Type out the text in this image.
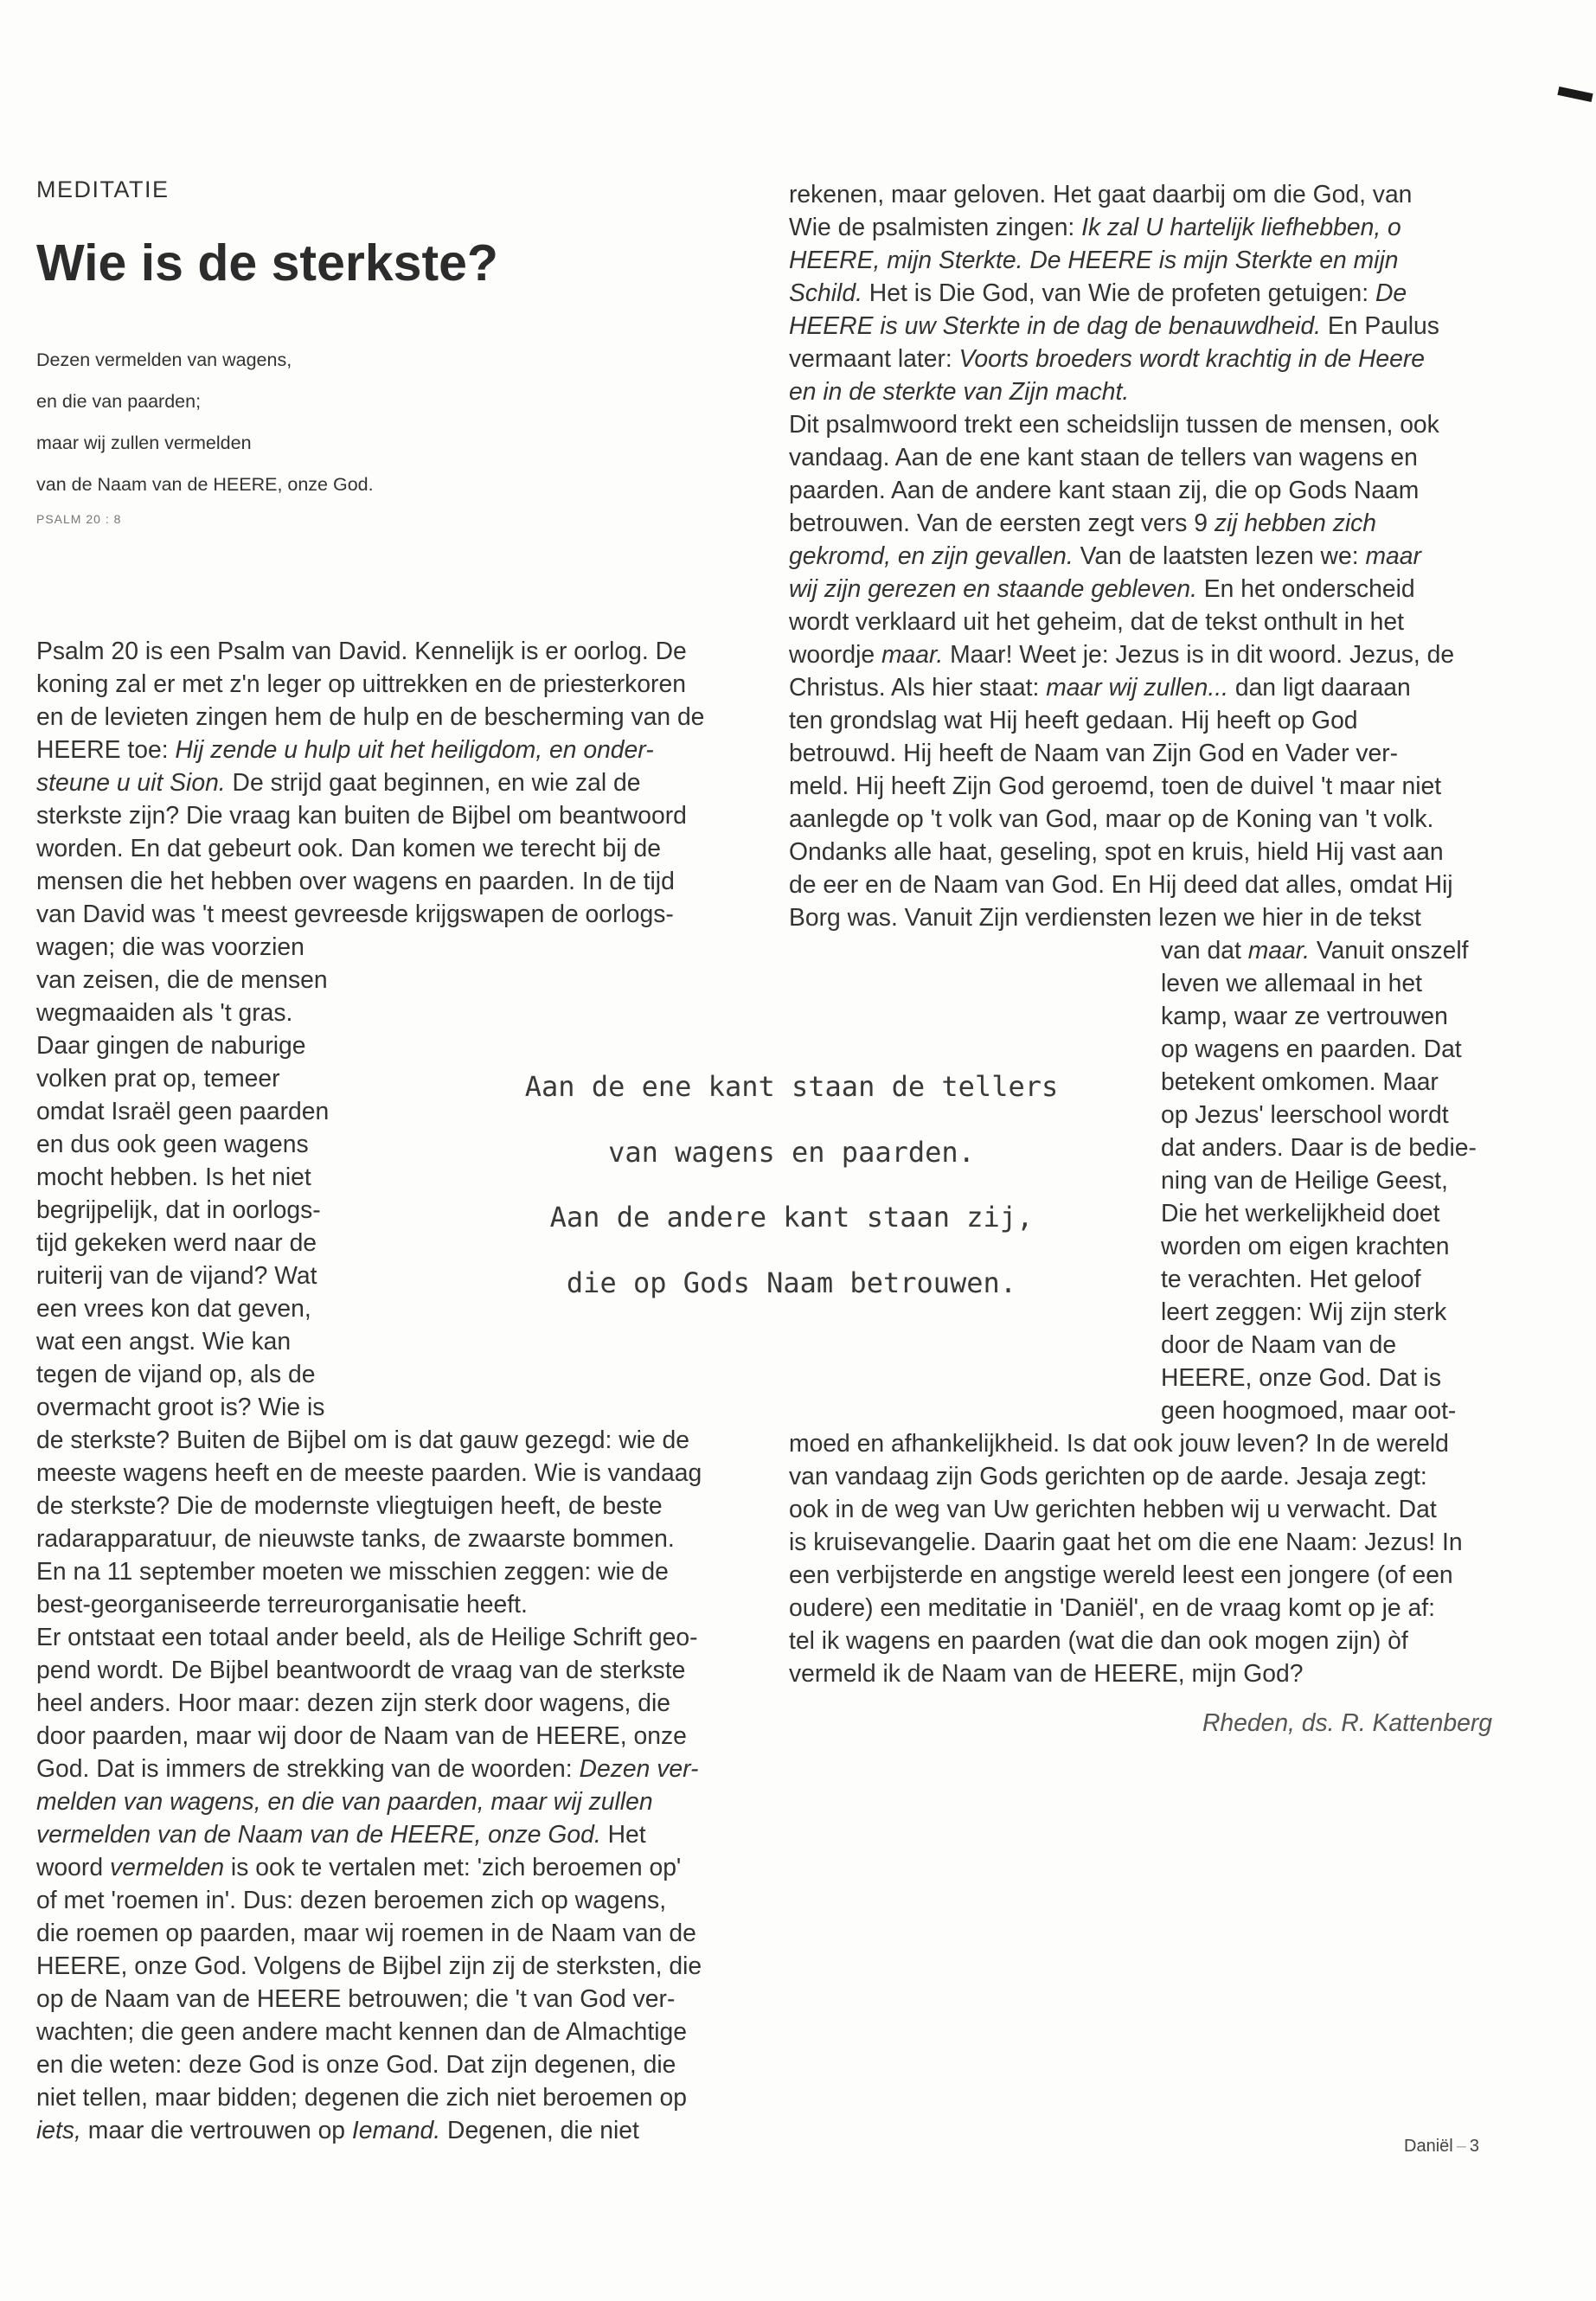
MEDITATIE
Wie is de sterkste?
Dezen vermelden van wagens,
en die van paarden;
maar wij zullen vermelden
van de Naam van de HEERE, onze God.
PSALM 20 : 8
Psalm 20 is een Psalm van David. Kennelijk is er oorlog. De
koning zal er met z'n leger op uittrekken en de priesterkoren
en de levieten zingen hem de hulp en de bescherming van de
HEERE toe: Hij zende u hulp uit het heiligdom, en onder-
steune u uit Sion. De strijd gaat beginnen, en wie zal de
sterkste zijn? Die vraag kan buiten de Bijbel om beantwoord
worden. En dat gebeurt ook. Dan komen we terecht bij de
mensen die het hebben over wagens en paarden. In de tijd
van David was 't meest gevreesde krijgswapen de oorlogs-
wagen; die was voorzien
van zeisen, die de mensen
wegmaaiden als 't gras.
Daar gingen de naburige
volken prat op, temeer
omdat Israël geen paarden
en dus ook geen wagens
mocht hebben. Is het niet
begrijpelijk, dat in oorlogs-
tijd gekeken werd naar de
ruiterij van de vijand? Wat
een vrees kon dat geven,
wat een angst. Wie kan
tegen de vijand op, als de
overmacht groot is? Wie is
de sterkste? Buiten de Bijbel om is dat gauw gezegd: wie de
meeste wagens heeft en de meeste paarden. Wie is vandaag
de sterkste? Die de modernste vliegtuigen heeft, de beste
radarapparatuur, de nieuwste tanks, de zwaarste bommen.
En na 11 september moeten we misschien zeggen: wie de
best-georganiseerde terreurorganisatie heeft.
Er ontstaat een totaal ander beeld, als de Heilige Schrift geo-
pend wordt. De Bijbel beantwoordt de vraag van de sterkste
heel anders. Hoor maar: dezen zijn sterk door wagens, die
door paarden, maar wij door de Naam van de HEERE, onze
God. Dat is immers de strekking van de woorden: Dezen ver-
melden van wagens, en die van paarden, maar wij zullen
vermelden van de Naam van de HEERE, onze God. Het
woord vermelden is ook te vertalen met: 'zich beroemen op'
of met 'roemen in'. Dus: dezen beroemen zich op wagens,
die roemen op paarden, maar wij roemen in de Naam van de
HEERE, onze God. Volgens de Bijbel zijn zij de sterksten, die
op de Naam van de HEERE betrouwen; die 't van God ver-
wachten; die geen andere macht kennen dan de Almachtige
en die weten: deze God is onze God. Dat zijn degenen, die
niet tellen, maar bidden; degenen die zich niet beroemen op
iets, maar die vertrouwen op Iemand. Degenen, die niet
rekenen, maar geloven. Het gaat daarbij om die God, van
Wie de psalmisten zingen: Ik zal U hartelijk liefhebben, o
HEERE, mijn Sterkte. De HEERE is mijn Sterkte en mijn
Schild. Het is Die God, van Wie de profeten getuigen: De
HEERE is uw Sterkte in de dag de benauwdheid. En Paulus
vermaant later: Voorts broeders wordt krachtig in de Heere
en in de sterkte van Zijn macht.
Dit psalmwoord trekt een scheidslijn tussen de mensen, ook
vandaag. Aan de ene kant staan de tellers van wagens en
paarden. Aan de andere kant staan zij, die op Gods Naam
betrouwen. Van de eersten zegt vers 9 zij hebben zich
gekromd, en zijn gevallen. Van de laatsten lezen we: maar
wij zijn gerezen en staande gebleven. En het onderscheid
wordt verklaard uit het geheim, dat de tekst onthult in het
woordje maar. Maar! Weet je: Jezus is in dit woord. Jezus, de
Christus. Als hier staat: maar wij zullen... dan ligt daaraan
ten grondslag wat Hij heeft gedaan. Hij heeft op God
betrouwd. Hij heeft de Naam van Zijn God en Vader ver-
meld. Hij heeft Zijn God geroemd, toen de duivel 't maar niet
aanlegde op 't volk van God, maar op de Koning van 't volk.
Ondanks alle haat, geseling, spot en kruis, hield Hij vast aan
de eer en de Naam van God. En Hij deed dat alles, omdat Hij
Borg was. Vanuit Zijn verdiensten lezen we hier in de tekst
van dat maar. Vanuit onszelf
leven we allemaal in het
kamp, waar ze vertrouwen
op wagens en paarden. Dat
betekent omkomen. Maar
op Jezus' leerschool wordt
dat anders. Daar is de bedie-
ning van de Heilige Geest,
Die het werkelijkheid doet
worden om eigen krachten
te verachten. Het geloof
leert zeggen: Wij zijn sterk
door de Naam van de
HEERE, onze God. Dat is
geen hoogmoed, maar oot-
moed en afhankelijkheid. Is dat ook jouw leven? In de wereld
van vandaag zijn Gods gerichten op de aarde. Jesaja zegt:
ook in de weg van Uw gerichten hebben wij u verwacht. Dat
is kruisevangelie. Daarin gaat het om die ene Naam: Jezus! In
een verbijsterde en angstige wereld leest een jongere (of een
oudere) een meditatie in 'Daniël', en de vraag komt op je af:
tel ik wagens en paarden (wat die dan ook mogen zijn) òf
vermeld ik de Naam van de HEERE, mijn God?
Aan de ene kant staan de tellers
van wagens en paarden.
Aan de andere kant staan zij,
die op Gods Naam betrouwen.
Rheden, ds. R. Kattenberg
Daniël – 3
